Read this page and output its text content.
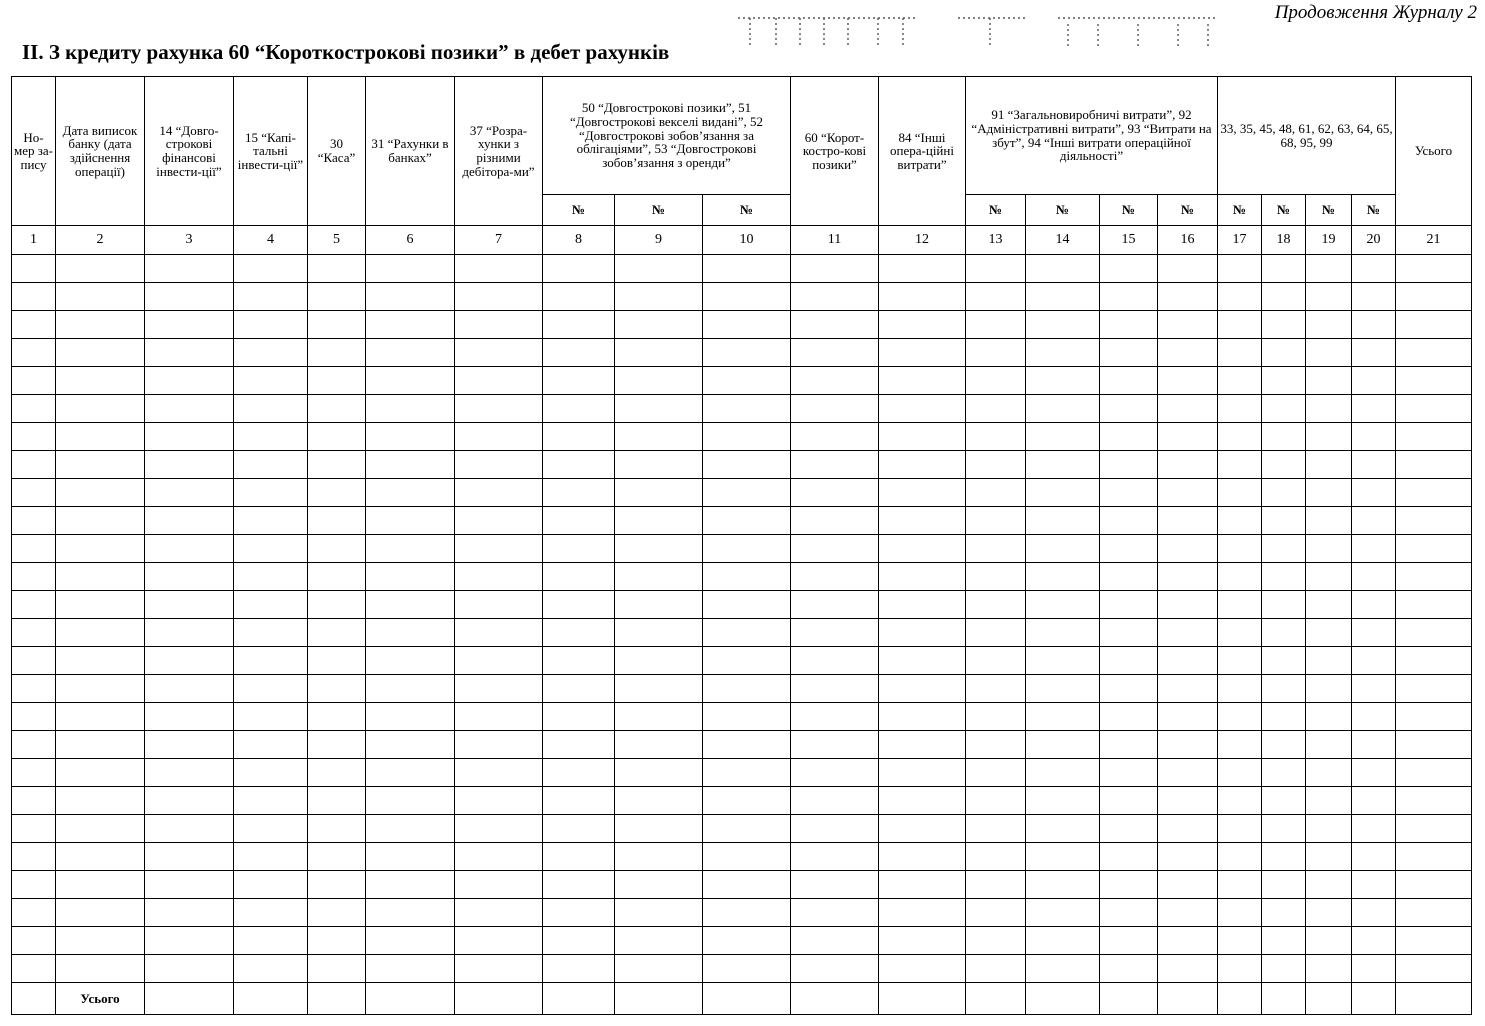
Продовження Журналу 2
II. З кредиту рахунка 60 “Короткострокові позики” в дебет рахунків
Но-мер за-пису	Дата виписок банку (дата здійснення операції)	14 “Довго-строкові фінансові інвести-ції”	15 “Капі-тальні інвести-ції”	30 “Каса”	31 “Рахунки в банках”	37 “Розра-хунки з різними дебітора-ми”	50 “Довгострокові позики”, 51 “Довгострокові векселі видані”, 52 “Довгострокові зобов’язання за облігаціями”, 53 “Довгострокові зобов’язання з оренди”			60 “Корот-костро-кові позики”	84 “Інші опера-ційні витрати”	91 “Загальновиробничі витрати”, 92 “Адміністративні витрати”, 93 “Витрати на збут”, 94 “Інші витрати операційної діяльності”				33, 35, 45, 48, 61, 62, 63, 64, 65, 68, 95, 99				Усього

							№	№	№			№	№	№	№	№	№	№	№	
1	2	3	4	5	6	7	8	9	10	11	12	13	14	15	16	17	18	19	20	21

	Усього																			
